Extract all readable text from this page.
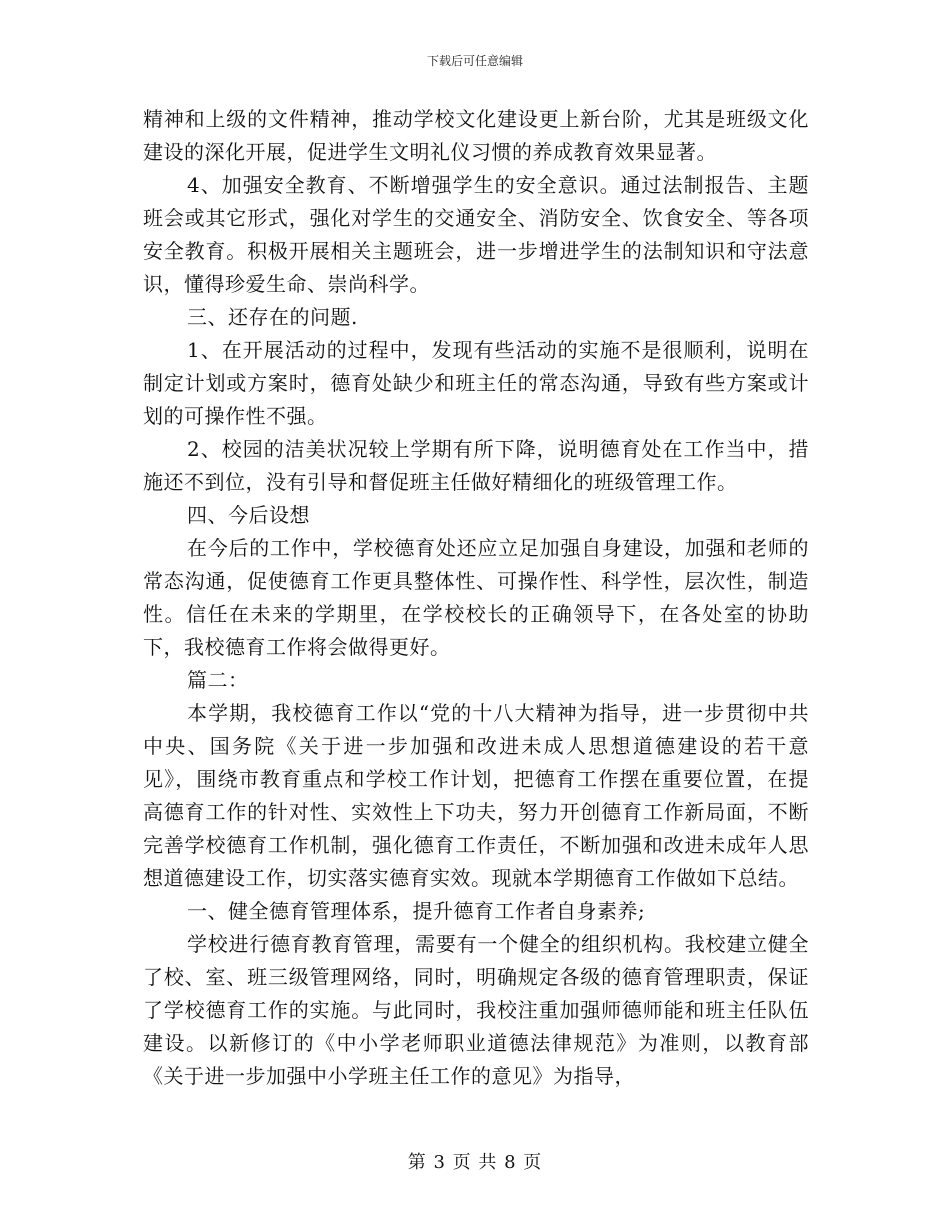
下载后可任意编辑

精神和上级的文件精神，推动学校文化建设更上新台阶，尤其是班级文化建设的深化开展，促进学生文明礼仪习惯的养成教育效果显著。

4、加强安全教育、不断增强学生的安全意识。通过法制报告、主题班会或其它形式，强化对学生的交通安全、消防安全、饮食安全、等各项安全教育。积极开展相关主题班会，进一步增进学生的法制知识和守法意识，懂得珍爱生命、崇尚科学。

三、还存在的问题.

1、在开展活动的过程中，发现有些活动的实施不是很顺利，说明在制定计划或方案时，德育处缺少和班主任的常态沟通，导致有些方案或计划的可操作性不强。

2、校园的洁美状况较上学期有所下降，说明德育处在工作当中，措施还不到位，没有引导和督促班主任做好精细化的班级管理工作。

四、今后设想

在今后的工作中，学校德育处还应立足加强自身建设，加强和老师的常态沟通，促使德育工作更具整体性、可操作性、科学性，层次性，制造性。信任在未来的学期里，在学校校长的正确领导下，在各处室的协助下，我校德育工作将会做得更好。

篇二：

本学期，我校德育工作以“党的十八大精神为指导，进一步贯彻中共中央、国务院《关于进一步加强和改进未成人思想道德建设的若干意见》，围绕市教育重点和学校工作计划，把德育工作摆在重要位置，在提高德育工作的针对性、实效性上下功夫，努力开创德育工作新局面，不断完善学校德育工作机制，强化德育工作责任，不断加强和改进未成年人思想道德建设工作，切实落实德育实效。现就本学期德育工作做如下总结。

一、健全德育管理体系，提升德育工作者自身素养;

学校进行德育教育管理，需要有一个健全的组织机构。我校建立健全了校、室、班三级管理网络，同时，明确规定各级的德育管理职责，保证了学校德育工作的实施。与此同时，我校注重加强师德师能和班主任队伍建设。以新修订的《中小学老师职业道德法律规范》为准则，以教育部《关于进一步加强中小学班主任工作的意见》为指导，

第 3 页 共 8 页
